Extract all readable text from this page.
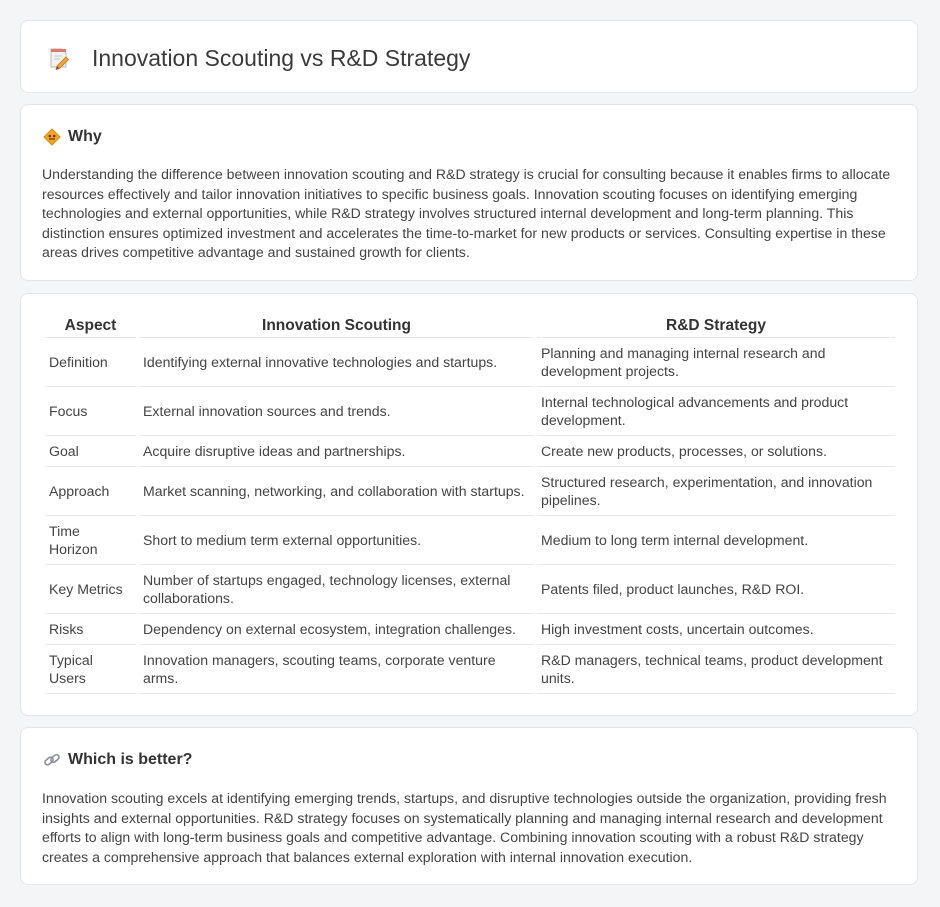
Innovation Scouting vs R&D Strategy
Why

Understanding the difference between innovation scouting and R&D strategy is crucial for consulting because it enables firms to allocate resources effectively and tailor innovation initiatives to specific business goals. Innovation scouting focuses on identifying emerging technologies and external opportunities, while R&D strategy involves structured internal development and long-term planning. This distinction ensures optimized investment and accelerates the time-to-market for new products or services. Consulting expertise in these areas drives competitive advantage and sustained growth for clients.

Aspect	Innovation Scouting	R&D Strategy
Definition	Identifying external innovative technologies and startups.	Planning and managing internal research and development projects.
Focus	External innovation sources and trends.	Internal technological advancements and product development.
Goal	Acquire disruptive ideas and partnerships.	Create new products, processes, or solutions.
Approach	Market scanning, networking, and collaboration with startups.	Structured research, experimentation, and innovation pipelines.
Time Horizon	Short to medium term external opportunities.	Medium to long term internal development.
Key Metrics	Number of startups engaged, technology licenses, external collaborations.	Patents filed, product launches, R&D ROI.
Risks	Dependency on external ecosystem, integration challenges.	High investment costs, uncertain outcomes.
Typical Users	Innovation managers, scouting teams, corporate venture arms.	R&D managers, technical teams, product development units.
Which is better?

Innovation scouting excels at identifying emerging trends, startups, and disruptive technologies outside the organization, providing fresh insights and external opportunities. R&D strategy focuses on systematically planning and managing internal research and development efforts to align with long-term business goals and competitive advantage. Combining innovation scouting with a robust R&D strategy creates a comprehensive approach that balances external exploration with internal innovation execution.
